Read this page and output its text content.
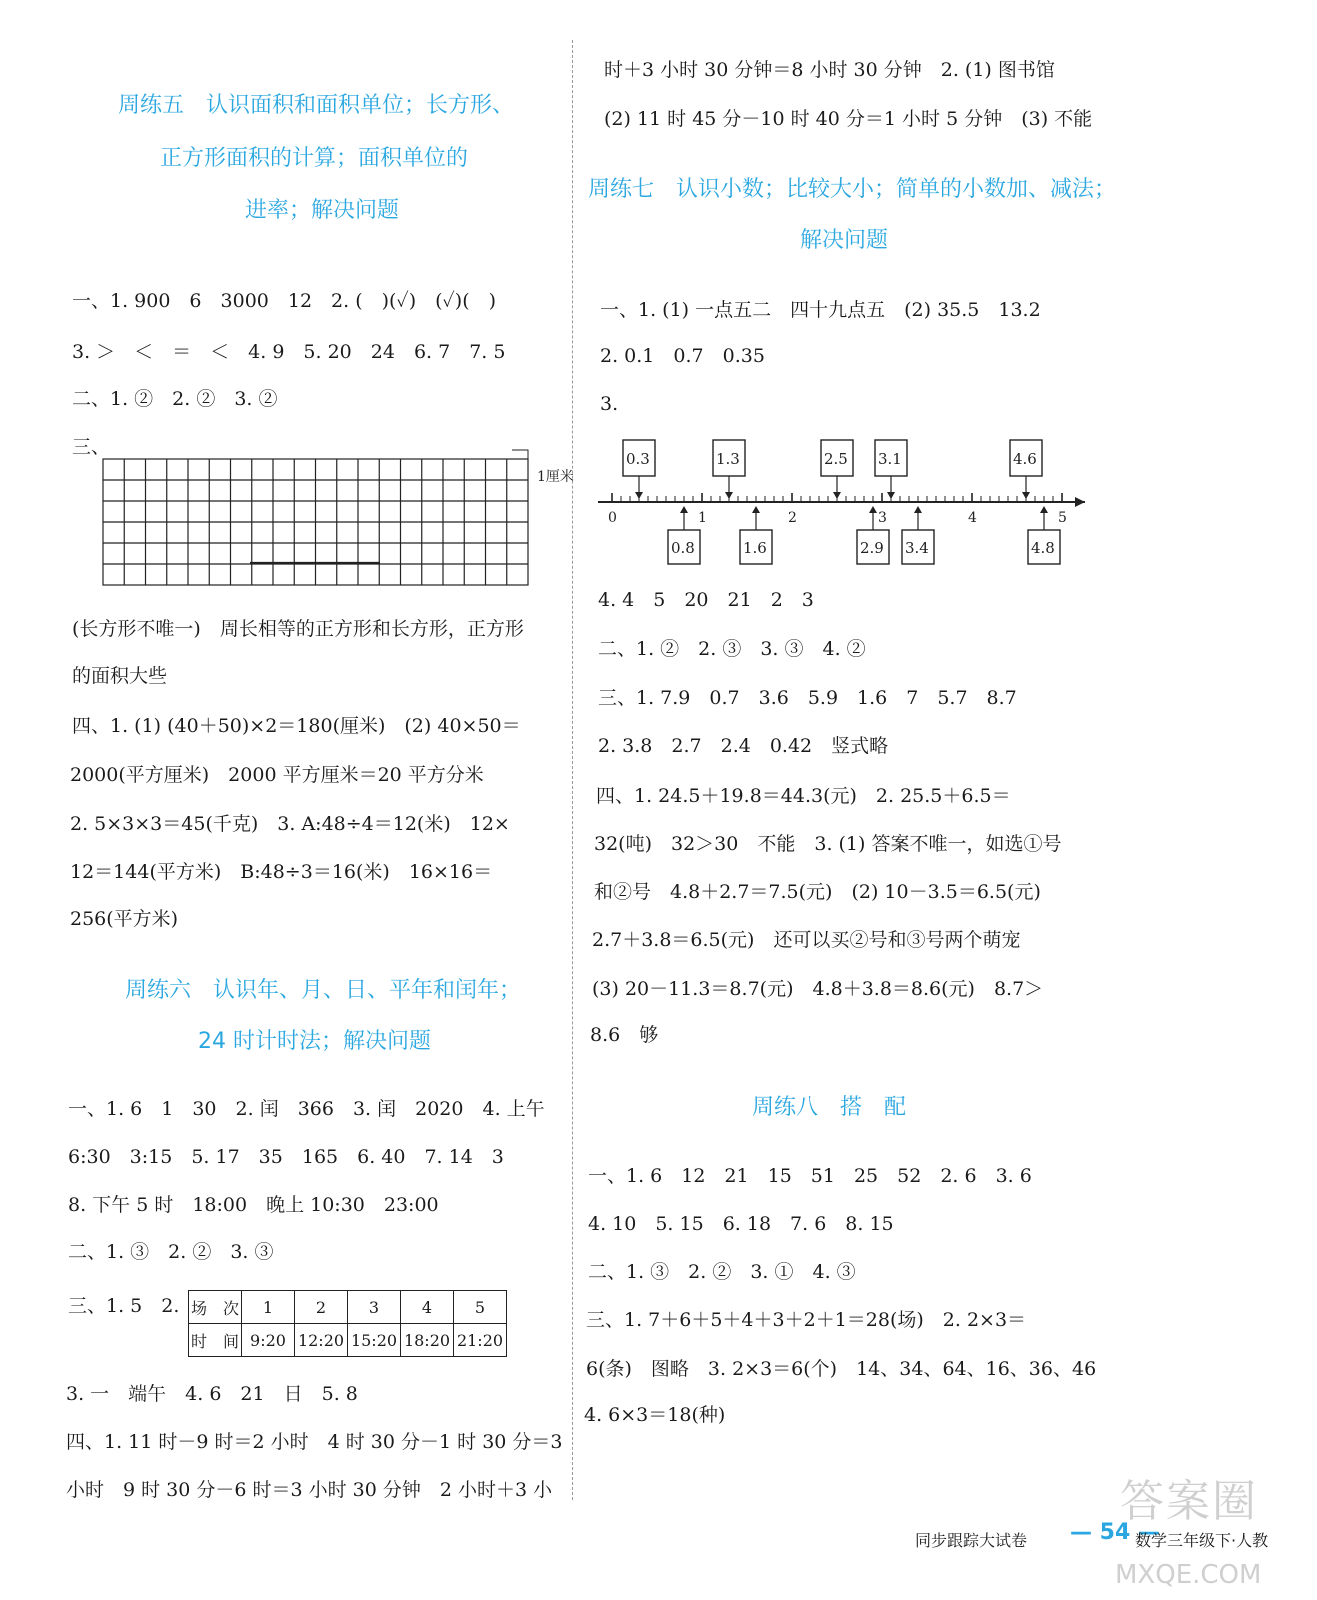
周练五　认识面积和面积单位；长方形、
正方形面积的计算；面积单位的
进率；解决问题
一、1. 900　6　3000　12　2. (　)(✓)　(✓)(　)
3. ＞　＜　＝　＜　4. 9　5. 20　24　6. 7　7. 5
二、1. ②　2. ②　3. ②
三、
1厘米
(长方形不唯一)　周长相等的正方形和长方形，正方形
的面积大些
四、1. (1) (40＋50)×2＝180(厘米)　(2) 40×50＝
2000(平方厘米)　2000 平方厘米＝20 平方分米
2. 5×3×3＝45(千克)　3. A:48÷4＝12(米)　12×
12＝144(平方米)　B:48÷3＝16(米)　16×16＝
256(平方米)
周练六　认识年、月、日、平年和闰年；
24 时计时法；解决问题
一、1. 6　1　30　2. 闰　366　3. 闰　2020　4. 上午
6:30　3:15　5. 17　35　165　6. 40　7. 14　3
8. 下午 5 时　18:00　晚上 10:30　23:00
二、1. ③　2. ②　3. ③
三、1. 5　2. 场　次	1	2	3	4	5
时　间	9:20	12:20	15:20	18:20	21:20
3. 一　端午　4. 6　21　日　5. 8
四、1. 11 时－9 时＝2 小时　4 时 30 分－1 时 30 分＝3
小时　9 时 30 分－6 时＝3 小时 30 分钟　2 小时＋3 小
时＋3 小时 30 分钟＝8 小时 30 分钟　2. (1) 图书馆
(2) 11 时 45 分－10 时 40 分＝1 小时 5 分钟　(3) 不能
周练七　认识小数；比较大小；简单的小数加、减法；
解决问题
一、1. (1) 一点五二　四十九点五　(2) 35.5　13.2
2. 0.1　0.7　0.35
3.
0	1	2	3	4	5
0.3	1.3	2.5 3.1	4.6
0.8	1.6	2.9 3.4	4.8
4. 4　5　20　21　2　3
二、1. ②　2. ③　3. ③　4. ②
三、1. 7.9　0.7　3.6　5.9　1.6　7　5.7　8.7
2. 3.8　2.7　2.4　0.42　竖式略
四、1. 24.5＋19.8＝44.3(元)　2. 25.5＋6.5＝
32(吨)　32＞30　不能　3. (1) 答案不唯一，如选①号
和②号　4.8＋2.7＝7.5(元)　(2) 10－3.5＝6.5(元)
2.7＋3.8＝6.5(元)　还可以买②号和③号两个萌宠
(3) 20－11.3＝8.7(元)　4.8＋3.8＝8.6(元)　8.7＞
8.6　够
周练八　搭　配
一、1. 6　12　21　15　51　25　52　2. 6　3. 6
4. 10　5. 15　6. 18　7. 6　8. 15
二、1. ③　2. ②　3. ①　4. ③
三、1. 7＋6＋5＋4＋3＋2＋1＝28(场)　2. 2×3＝
6(条)　图略　3. 2×3＝6(个)　14、34、64、16、36、46
4. 6×3＝18(种)
答案圈
MXQE.COM
同步跟踪大试卷 — 54 —
数学三年级下·人教
